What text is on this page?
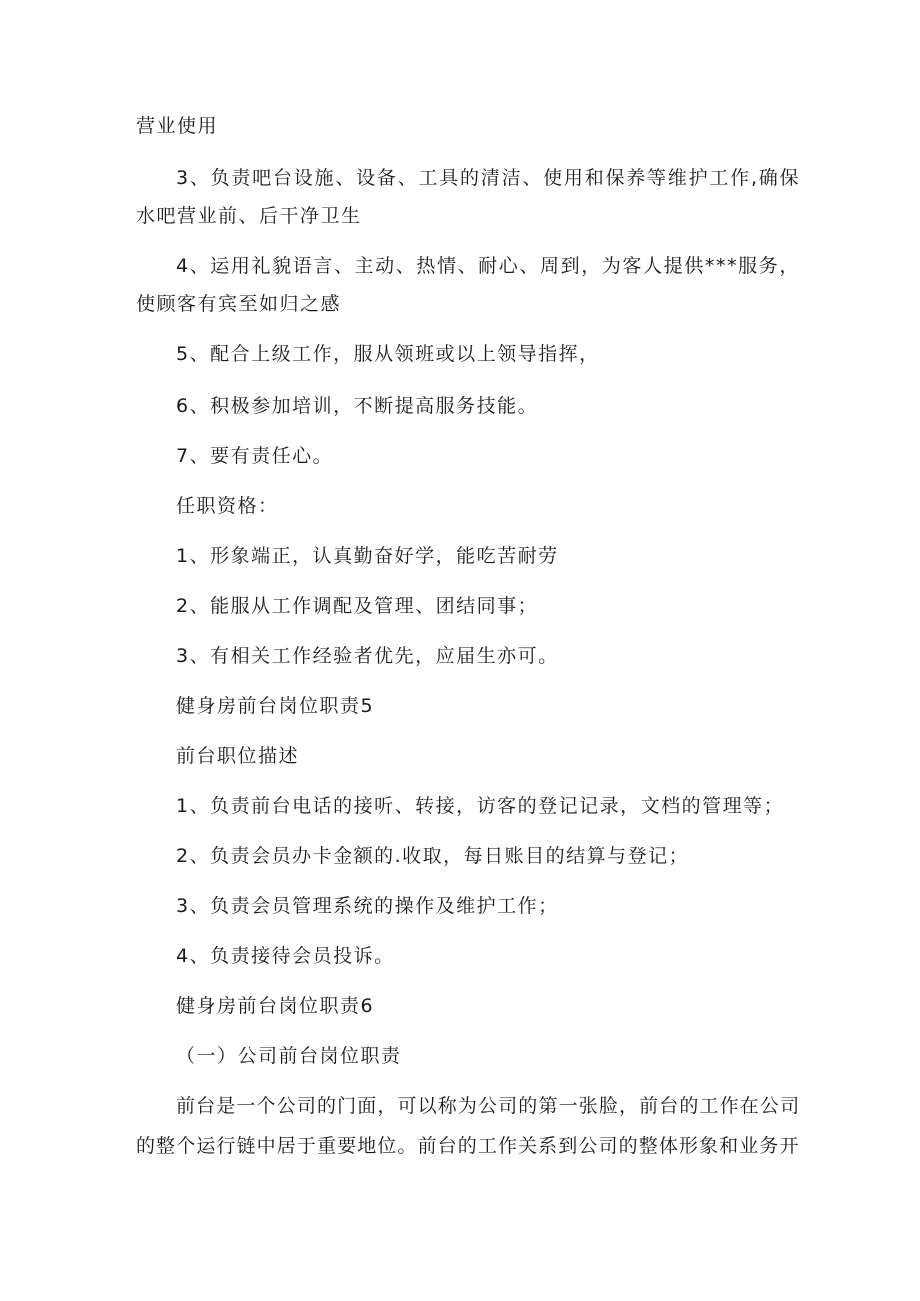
营业使用
3、负责吧台设施、设备、工具的清洁、使用和保养等维护工作,确保
水吧营业前、后干净卫生
4、运用礼貌语言、主动、热情、耐心、周到，为客人提供***服务，
使顾客有宾至如归之感
5、配合上级工作，服从领班或以上领导指挥，
6、积极参加培训，不断提高服务技能。
7、要有责任心。
任职资格：
1、形象端正，认真勤奋好学，能吃苦耐劳
2、能服从工作调配及管理、团结同事；
3、有相关工作经验者优先，应届生亦可。
健身房前台岗位职责5
前台职位描述
1、负责前台电话的接听、转接，访客的登记记录，文档的管理等；
2、负责会员办卡金额的.收取，每日账目的结算与登记；
3、负责会员管理系统的操作及维护工作；
4、负责接待会员投诉。
健身房前台岗位职责6
（一）公司前台岗位职责
前台是一个公司的门面，可以称为公司的第一张脸，前台的工作在公司
的整个运行链中居于重要地位。前台的工作关系到公司的整体形象和业务开
